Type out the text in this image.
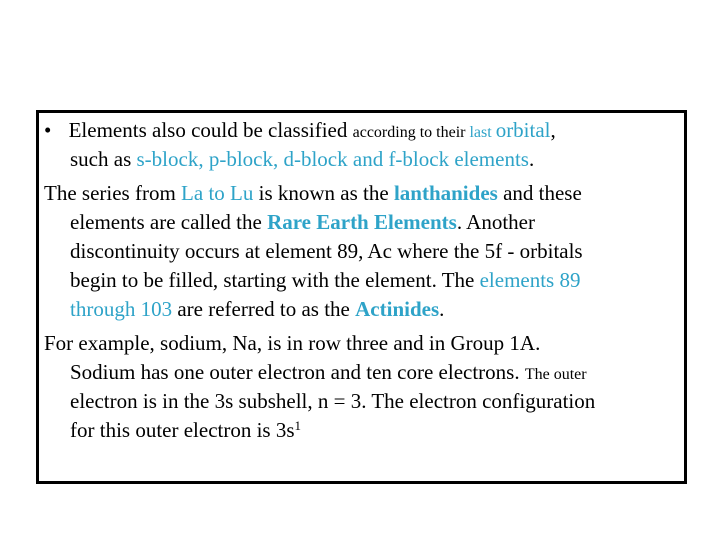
• Elements also could be classified according to their last orbital,
such as s-block, p-block, d-block and f-block elements.
The series from La to Lu is known as the lanthanides and these
elements are called the Rare Earth Elements. Another
discontinuity occurs at element 89, Ac where the 5f - orbitals
begin to be filled, starting with the element. The elements 89
through 103 are referred to as the Actinides.
For example, sodium, Na, is in row three and in Group 1A.
Sodium has one outer electron and ten core electrons. The outer
electron is in the 3s subshell, n = 3. The electron configuration
for this outer electron is $3s^1$
